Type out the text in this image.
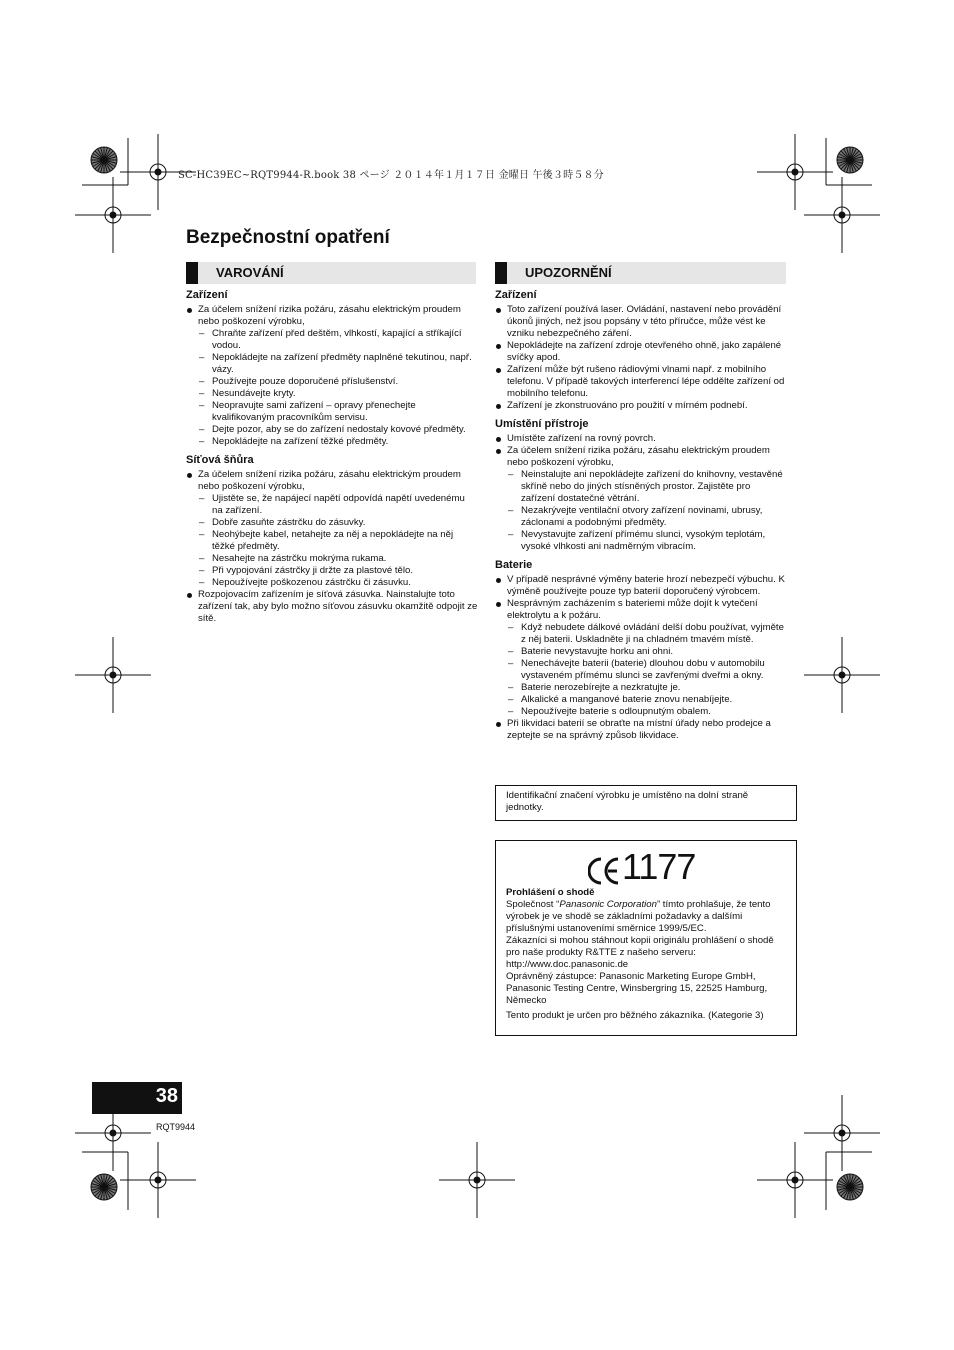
SC-HC39EC~RQT9944-R.book 38 ページ ２０１４年１月１７日 金曜日 午後３時５８分
Bezpečnostní opatření
VAROVÁNÍ
Zařízení
Za účelem snížení rizika požáru, zásahu elektrickým proudem nebo poškození výrobku,
– Chraňte zařízení před deštěm, vlhkostí, kapající a stříkající vodou.
– Nepokládejte na zařízení předměty naplněné tekutinou, např. vázy.
– Používejte pouze doporučené příslušenství.
– Nesundávejte kryty.
– Neopravujte sami zařízení – opravy přenechejte kvalifikovaným pracovníkům servisu.
– Dejte pozor, aby se do zařízení nedostaly kovové předměty.
– Nepokládejte na zařízení těžké předměty.
Síťová šňůra
Za účelem snížení rizika požáru, zásahu elektrickým proudem nebo poškození výrobku,
– Ujistěte se, že napájecí napětí odpovídá napětí uvedenému na zařízení.
– Dobře zasuňte zástrčku do zásuvky.
– Neohýbejte kabel, netahejte za něj a nepokládejte na něj těžké předměty.
– Nesahejte na zástrčku mokrýma rukama.
– Při vypojování zástrčky ji držte za plastové tělo.
– Nepoužívejte poškozenou zástrčku či zásuvku.
Rozpojovacím zařízením je síťová zásuvka. Nainstalujte toto zařízení tak, aby bylo možno síťovou zásuvku okamžitě odpojit ze sítě.
UPOZORNĚNÍ
Zařízení
Toto zařízení používá laser. Ovládání, nastavení nebo provádění úkonů jiných, než jsou popsány v této příručce, může vést ke vzniku nebezpečného záření.
Nepokládejte na zařízení zdroje otevřeného ohně, jako zapálené svíčky apod.
Zařízení může být rušeno rádiovými vlnami např. z mobilního telefonu. V případě takových interferencí lépe oddělte zařízení od mobilního telefonu.
Zařízení je zkonstruováno pro použití v mírném podnebí.
Umístění přístroje
Umístěte zařízení na rovný povrch.
Za účelem snížení rizika požáru, zásahu elektrickým proudem nebo poškození výrobku,
– Neinstalujte ani nepokládejte zařízení do knihovny, vestavěné skříně nebo do jiných stísněných prostor. Zajistěte pro zařízení dostatečné větrání.
– Nezakrývejte ventilační otvory zařízení novinami, ubrusy, záclonami a podobnými předměty.
– Nevystavujte zařízení přímému slunci, vysokým teplotám, vysoké vlhkosti ani nadměrným vibracím.
Baterie
V případě nesprávné výměny baterie hrozí nebezpečí výbuchu. K výměně používejte pouze typ baterií doporučený výrobcem.
Nesprávným zacházením s bateriemi může dojít k vytečení elektrolytu a k požáru.
– Když nebudete dálkové ovládání delší dobu používat, vyjměte z něj baterii. Uskladněte ji na chladném tmavém místě.
– Baterie nevystavujte horku ani ohni.
– Nenechávejte baterii (baterie) dlouhou dobu v automobilu vystaveném přímému slunci se zavřenými dveřmi a okny.
– Baterie nerozebírejte a nezkratujte je.
– Alkalické a manganové baterie znovu nenabíjejte.
– Nepoužívejte baterie s odloupnutým obalem.
Při likvidaci baterií se obraťte na místní úřady nebo prodejce a zeptejte se na správný způsob likvidace.
Identifikační značení výrobku je umístěno na dolní straně jednotky.
1177
Prohlášení o shodě
Společnost “Panasonic Corporation” tímto prohlašuje, že tento výrobek je ve shodě se základními požadavky a dalšími příslušnými ustanoveními směrnice 1999/5/EC.
Zákazníci si mohou stáhnout kopii originálu prohlášení o shodě pro naše produkty R&TTE z našeho serveru:
http://www.doc.panasonic.de
Oprávněný zástupce: Panasonic Marketing Europe GmbH, Panasonic Testing Centre, Winsbergring 15, 22525 Hamburg, Německo
Tento produkt je určen pro běžného zákazníka. (Kategorie 3)
38
RQT9944
